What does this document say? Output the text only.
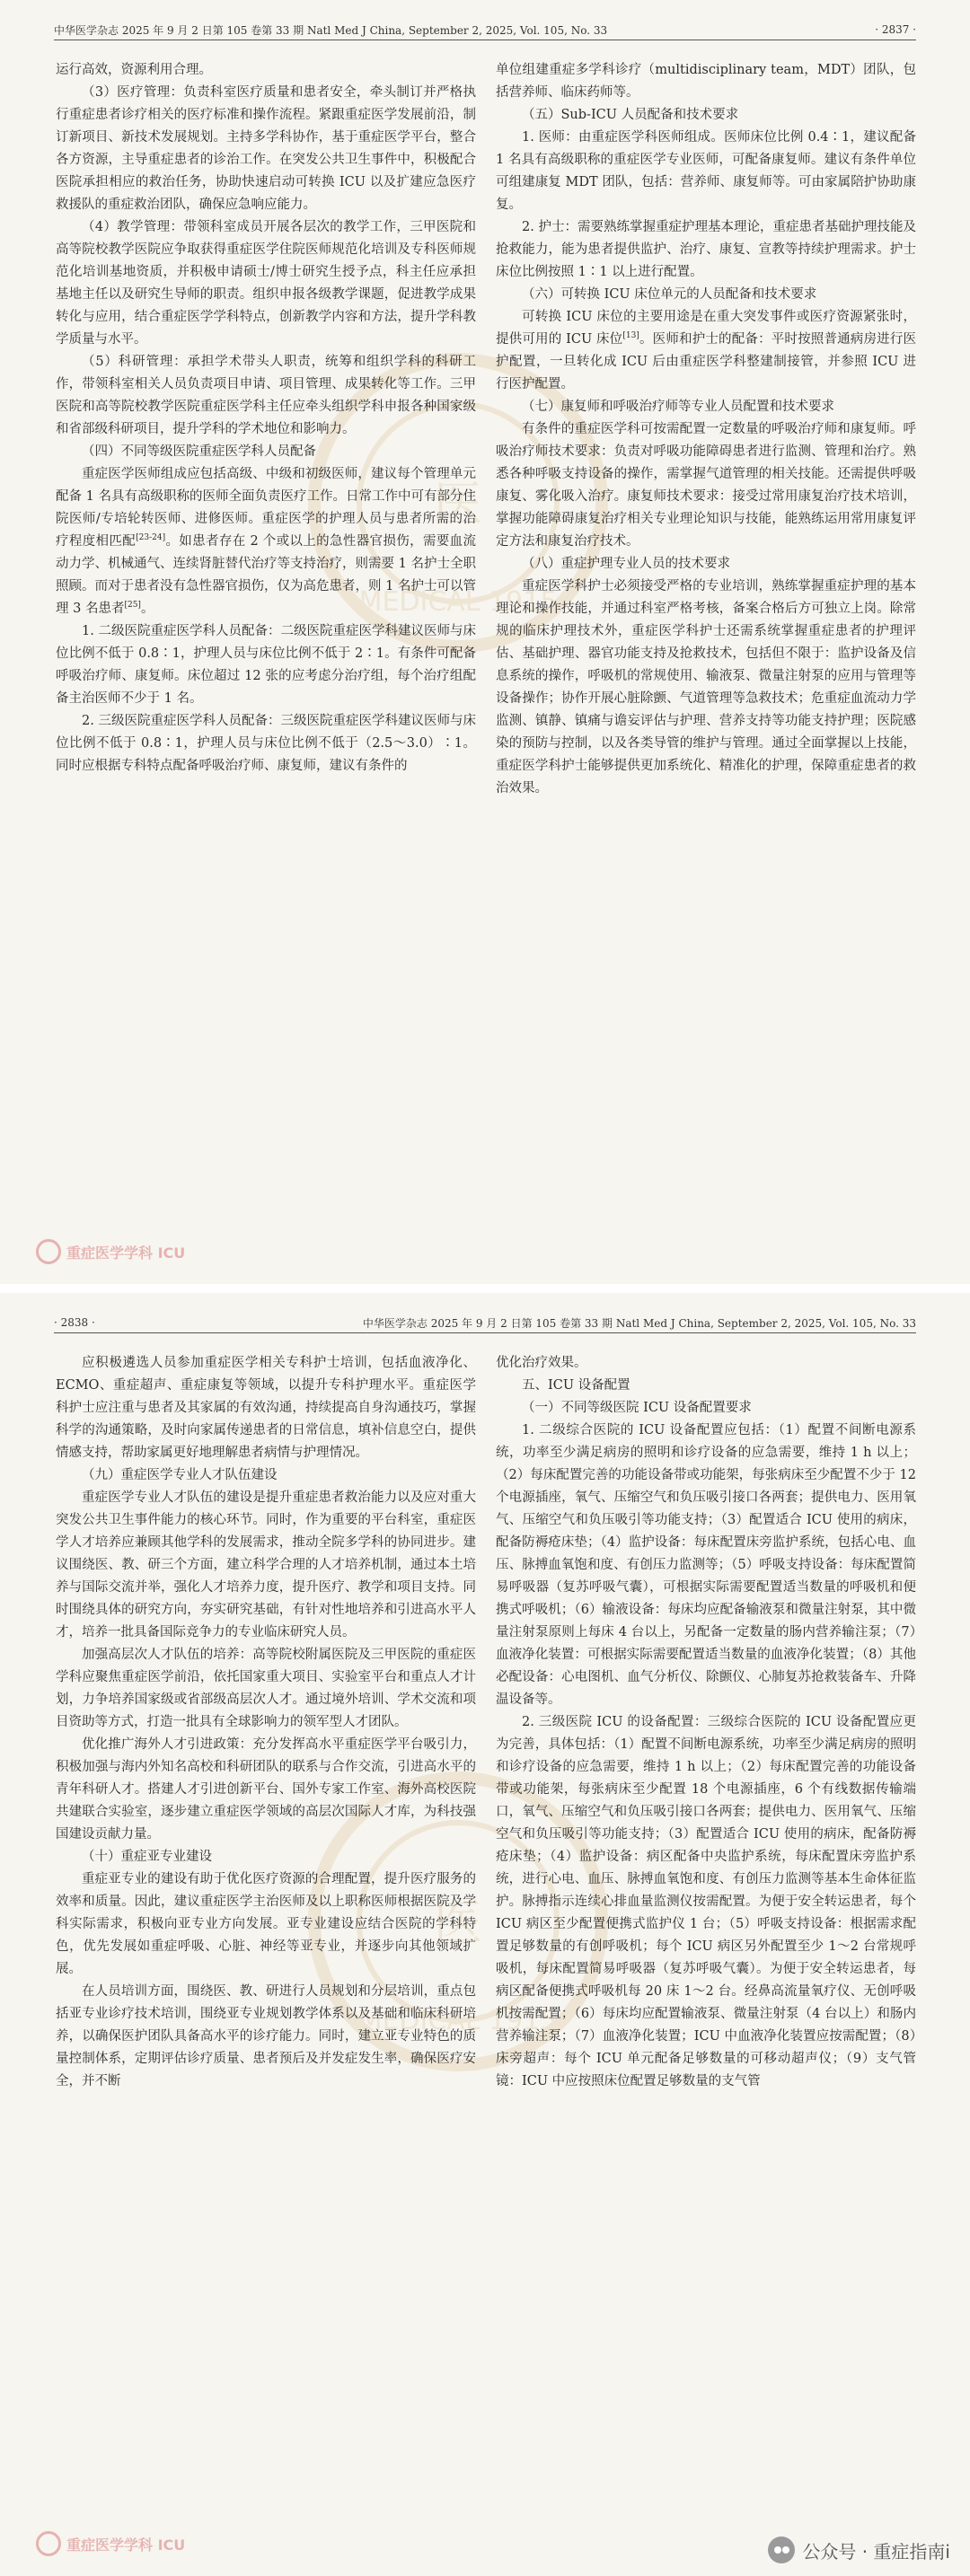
中华医学杂志 2025 年 9 月 2 日第 105 卷第 33 期 Natl Med J China, September 2, 2025, Vol. 105, No. 33	· 2837 ·
医
MEDICAL 1915

运行高效，资源利用合理。

（3）医疗管理：负责科室医疗质量和患者安全，牵头制订并严格执行重症患者诊疗相关的医疗标准和操作流程。紧跟重症医学发展前沿，制订新项目、新技术发展规划。主持多学科协作，基于重症医学平台，整合各方资源，主导重症患者的诊治工作。在突发公共卫生事件中，积极配合医院承担相应的救治任务，协助快速启动可转换 ICU 以及扩建应急医疗救援队的重症救治团队，确保应急响应能力。

（4）教学管理：带领科室成员开展各层次的教学工作，三甲医院和高等院校教学医院应争取获得重症医学住院医师规范化培训及专科医师规范化培训基地资质，并积极申请硕士/博士研究生授予点，科主任应承担基地主任以及研究生导师的职责。组织申报各级教学课题，促进教学成果转化与应用，结合重症医学学科特点，创新教学内容和方法，提升学科教学质量与水平。

（5）科研管理：承担学术带头人职责，统筹和组织学科的科研工作，带领科室相关人员负责项目申请、项目管理、成果转化等工作。三甲医院和高等院校教学医院重症医学科主任应牵头组织学科申报各种国家级和省部级科研项目，提升学科的学术地位和影响力。

（四）不同等级医院重症医学科人员配备

重症医学医师组成应包括高级、中级和初级医师，建议每个管理单元配备 1 名具有高级职称的医师全面负责医疗工作。日常工作中可有部分住院医师/专培轮转医师、进修医师。重症医学的护理人员与患者所需的治疗程度相匹配[23-24]。如患者存在 2 个或以上的急性器官损伤，需要血流动力学、机械通气、连续肾脏替代治疗等支持治疗，则需要 1 名护士全职照顾。而对于患者没有急性器官损伤，仅为高危患者，则 1 名护士可以管理 3 名患者[25]。

1. 二级医院重症医学科人员配备：二级医院重症医学科建议医师与床位比例不低于 0.8∶1，护理人员与床位比例不低于 2∶1。有条件可配备呼吸治疗师、康复师。床位超过 12 张的应考虑分治疗组，每个治疗组配备主治医师不少于 1 名。

2. 三级医院重症医学科人员配备：三级医院重症医学科建议医师与床位比例不低于 0.8∶1，护理人员与床位比例不低于（2.5～3.0）∶1。同时应根据专科特点配备呼吸治疗师、康复师，建议有条件的

单位组建重症多学科诊疗（multidisciplinary team，MDT）团队，包括营养师、临床药师等。

（五）Sub-ICU 人员配备和技术要求

1. 医师：由重症医学科医师组成。医师床位比例 0.4∶1，建议配备 1 名具有高级职称的重症医学专业医师，可配备康复师。建议有条件单位可组建康复 MDT 团队，包括：营养师、康复师等。可由家属陪护协助康复。

2. 护士：需要熟练掌握重症护理基本理论，重症患者基础护理技能及抢救能力，能为患者提供监护、治疗、康复、宣教等持续护理需求。护士床位比例按照 1∶1 以上进行配置。

（六）可转换 ICU 床位单元的人员配备和技术要求

可转换 ICU 床位的主要用途是在重大突发事件或医疗资源紧张时，提供可用的 ICU 床位[13]。医师和护士的配备：平时按照普通病房进行医护配置，一旦转化成 ICU 后由重症医学科整建制接管，并参照 ICU 进行医护配置。

（七）康复师和呼吸治疗师等专业人员配置和技术要求

有条件的重症医学科可按需配置一定数量的呼吸治疗师和康复师。呼吸治疗师技术要求：负责对呼吸功能障碍患者进行监测、管理和治疗。熟悉各种呼吸支持设备的操作，需掌握气道管理的相关技能。还需提供呼吸康复、雾化吸入治疗。康复师技术要求：接受过常用康复治疗技术培训，掌握功能障碍康复治疗相关专业理论知识与技能，能熟练运用常用康复评定方法和康复治疗技术。

（八）重症护理专业人员的技术要求

重症医学科护士必须接受严格的专业培训，熟练掌握重症护理的基本理论和操作技能，并通过科室严格考核，备案合格后方可独立上岗。除常规的临床护理技术外，重症医学科护士还需系统掌握重症患者的护理评估、基础护理、器官功能支持及抢救技术，包括但不限于：监护设备及信息系统的操作，呼吸机的常规使用、输液泵、微量注射泵的应用与管理等设备操作；协作开展心脏除颤、气道管理等急救技术；危重症血流动力学监测、镇静、镇痛与谵妄评估与护理、营养支持等功能支持护理；医院感染的预防与控制，以及各类导管的维护与管理。通过全面掌握以上技能，重症医学科护士能够提供更加系统化、精准化的护理，保障重症患者的救治效果。

重症医学学科 ICU
· 2838 ·	中华医学杂志 2025 年 9 月 2 日第 105 卷第 33 期 Natl Med J China, September 2, 2025, Vol. 105, No. 33
医
MEDICAL 1915

应积极遴选人员参加重症医学相关专科护士培训，包括血液净化、ECMO、重症超声、重症康复等领域，以提升专科护理水平。重症医学科护士应注重与患者及其家属的有效沟通，持续提高自身沟通技巧，掌握科学的沟通策略，及时向家属传递患者的日常信息，填补信息空白，提供情感支持，帮助家属更好地理解患者病情与护理情况。

（九）重症医学专业人才队伍建设

重症医学专业人才队伍的建设是提升重症患者救治能力以及应对重大突发公共卫生事件能力的核心环节。同时，作为重要的平台科室，重症医学人才培养应兼顾其他学科的发展需求，推动全院多学科的协同进步。建议围绕医、教、研三个方面，建立科学合理的人才培养机制，通过本土培养与国际交流并举，强化人才培养力度，提升医疗、教学和项目支持。同时围绕具体的研究方向，夯实研究基础，有针对性地培养和引进高水平人才，培养一批具备国际竞争力的专业临床研究人员。

加强高层次人才队伍的培养：高等院校附属医院及三甲医院的重症医学科应聚焦重症医学前沿，依托国家重大项目、实验室平台和重点人才计划，力争培养国家级或省部级高层次人才。通过境外培训、学术交流和项目资助等方式，打造一批具有全球影响力的领军型人才团队。

优化推广海外人才引进政策：充分发挥高水平重症医学平台吸引力，积极加强与海内外知名高校和科研团队的联系与合作交流，引进高水平的青年科研人才。搭建人才引进创新平台、国外专家工作室、海外高校医院共建联合实验室，逐步建立重症医学领域的高层次国际人才库，为科技强国建设贡献力量。

（十）重症亚专业建设

重症亚专业的建设有助于优化医疗资源的合理配置，提升医疗服务的效率和质量。因此，建议重症医学主治医师及以上职称医师根据医院及学科实际需求，积极向亚专业方向发展。亚专业建设应结合医院的学科特色，优先发展如重症呼吸、心脏、神经等亚专业，并逐步向其他领域扩展。

在人员培训方面，围绕医、教、研进行人员规划和分层培训，重点包括亚专业诊疗技术培训，围绕亚专业规划教学体系以及基础和临床科研培养，以确保医护团队具备高水平的诊疗能力。同时，建立亚专业特色的质量控制体系，定期评估诊疗质量、患者预后及并发症发生率，确保医疗安全，并不断

优化治疗效果。

五、ICU 设备配置

（一）不同等级医院 ICU 设备配置要求

1. 二级综合医院的 ICU 设备配置应包括：（1）配置不间断电源系统，功率至少满足病房的照明和诊疗设备的应急需要，维持 1 h 以上；（2）每床配置完善的功能设备带或功能架，每张病床至少配置不少于 12 个电源插座，氧气、压缩空气和负压吸引接口各两套；提供电力、医用氧气、压缩空气和负压吸引等功能支持；（3）配置适合 ICU 使用的病床，配备防褥疮床垫；（4）监护设备：每床配置床旁监护系统，包括心电、血压、脉搏血氧饱和度、有创压力监测等；（5）呼吸支持设备：每床配置简易呼吸器（复苏呼吸气囊），可根据实际需要配置适当数量的呼吸机和便携式呼吸机；（6）输液设备：每床均应配备输液泵和微量注射泵，其中微量注射泵原则上每床 4 台以上，另配备一定数量的肠内营养输注泵；（7）血液净化装置：可根据实际需要配置适当数量的血液净化装置；（8）其他必配设备：心电图机、血气分析仪、除颤仪、心肺复苏抢救装备车、升降温设备等。

2. 三级医院 ICU 的设备配置：三级综合医院的 ICU 设备配置应更为完善，具体包括：（1）配置不间断电源系统，功率至少满足病房的照明和诊疗设备的应急需要，维持 1 h 以上；（2）每床配置完善的功能设备带或功能架，每张病床至少配置 18 个电源插座，6 个有线数据传输端口，氧气、压缩空气和负压吸引接口各两套；提供电力、医用氧气、压缩空气和负压吸引等功能支持；（3）配置适合 ICU 使用的病床，配备防褥疮床垫；（4）监护设备：病区配备中央监护系统，每床配置床旁监护系统，进行心电、血压、脉搏血氧饱和度、有创压力监测等基本生命体征监护。脉搏指示连续心排血量监测仪按需配置。为便于安全转运患者，每个 ICU 病区至少配置便携式监护仪 1 台；（5）呼吸支持设备：根据需求配置足够数量的有创呼吸机；每个 ICU 病区另外配置至少 1～2 台常规呼吸机，每床配置简易呼吸器（复苏呼吸气囊）。为便于安全转运患者，每病区配备便携式呼吸机每 20 床 1～2 台。经鼻高流量氧疗仪、无创呼吸机按需配置；（6）每床均应配置输液泵、微量注射泵（4 台以上）和肠内营养输注泵；（7）血液净化装置；ICU 中血液净化装置应按需配置；（8）床旁超声：每个 ICU 单元配备足够数量的可移动超声仪；（9）支气管镜：ICU 中应按照床位配置足够数量的支气管

重症医学学科 ICU	公众号 · 重症指南i
